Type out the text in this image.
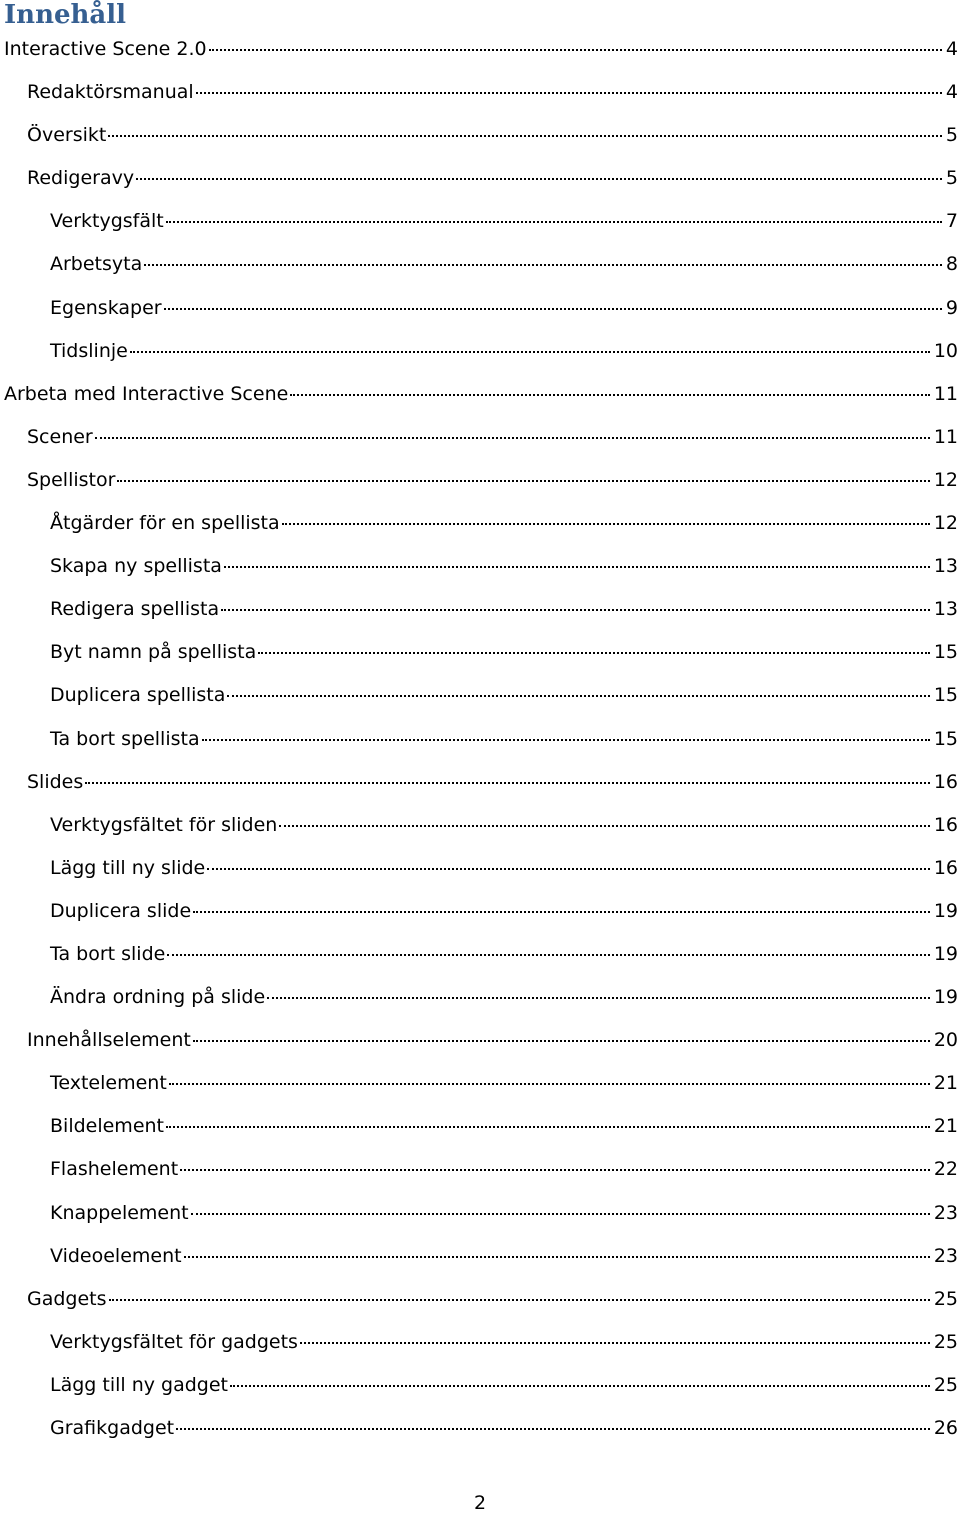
Innehåll
Interactive Scene 2.0	4
Redaktörsmanual	4
Översikt	5
Redigeravy	5
Verktygsfält	7
Arbetsyta	8
Egenskaper	9
Tidslinje	10
Arbeta med Interactive Scene	11
Scener	11
Spellistor	12
Åtgärder för en spellista	12
Skapa ny spellista	13
Redigera spellista	13
Byt namn på spellista	15
Duplicera spellista	15
Ta bort spellista	15
Slides	16
Verktygsfältet för sliden	16
Lägg till ny slide	16
Duplicera slide	19
Ta bort slide	19
Ändra ordning på slide	19
Innehållselement	20
Textelement	21
Bildelement	21
Flashelement	22
Knappelement	23
Videoelement	23
Gadgets	25
Verktygsfältet för gadgets	25
Lägg till ny gadget	25
Grafikgadget	26
2
